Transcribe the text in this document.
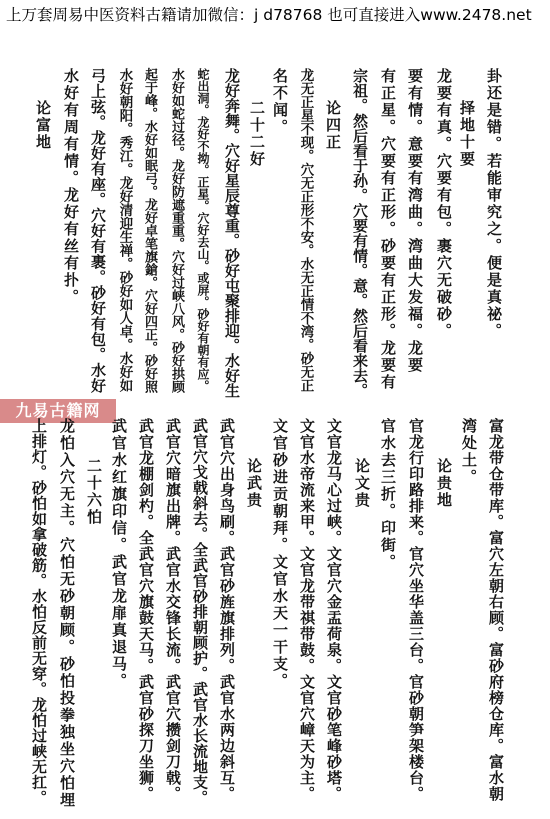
上万套周易中医资料古籍请加微信：j d78768 也可直接进入www.2478.net
卦还是错。若能审究之。便是真祕。
择地十要
龙要有真。穴要有包。裹穴无破砂。
要有情。意要有湾曲。湾曲大发福。龙要
有正星。穴要有正形。砂要有正形。龙要有
宗祖。然后看于孙。穴要有情。意。然后看来去。
论四正
龙无正星不现。穴无正形不安。水无正情不湾。砂无正
名不闻。
二十二好
龙好奔舞。穴好星辰尊重。砂好屯聚排迎。水好生
蛇出洞。龙好不拗。正星。穴好去山。或屏。砂好有朝有应。
水好如蛇过径。龙好防遮重重。穴好过峡八风。砂好拱顾
起于峰。水好如眠弓。龙好卓笔旗鎗。穴好四正。砂好照
水好朝阳。秀江。龙好清迎生禅。砂好如人卓。水好如
弓上弦。龙好有座。穴好有裹。砂好有包。水好
水好有周有情。龙好有丝有扑。
论富地
九易古籍网
富龙带仓带库。富穴左朝右顾。富砂府榜仓库。富水朝
湾处土。
论贵地
官龙行印路排来。官穴坐华盖三台。官砂朝笋架楼台。
官水去三折。印街。
论文贵
文官龙马心过峡。文官穴金盂荷泉。文官砂笔峰砂塔。
文官水帝流来甲。文官龙带祺带鼓。文官穴嶂天为主。
文官砂进贡朝拜。文官水天一干支。
论武贵
武官穴出身鸟刷。武官砂旌旗排列。武官水两边斜互。
武官穴戈戟斜去。全武官砂排朝顾护。武官水长流地支。
武官穴暗旗出牌。武官水交锋长流。武官穴攒剑刀戟。
武官龙棚剑杓。全武官穴旗鼓天马。武官砂探刀坐狮。
武官水红旗印信。武官龙扉真退马。
二十六怕
龙怕入穴无主。穴怕无砂朝顾。砂怕投拳独坐穴怕埋
上排灯。砂怕如拿破筋。水怕反前无穿。龙怕过峡无扛。
